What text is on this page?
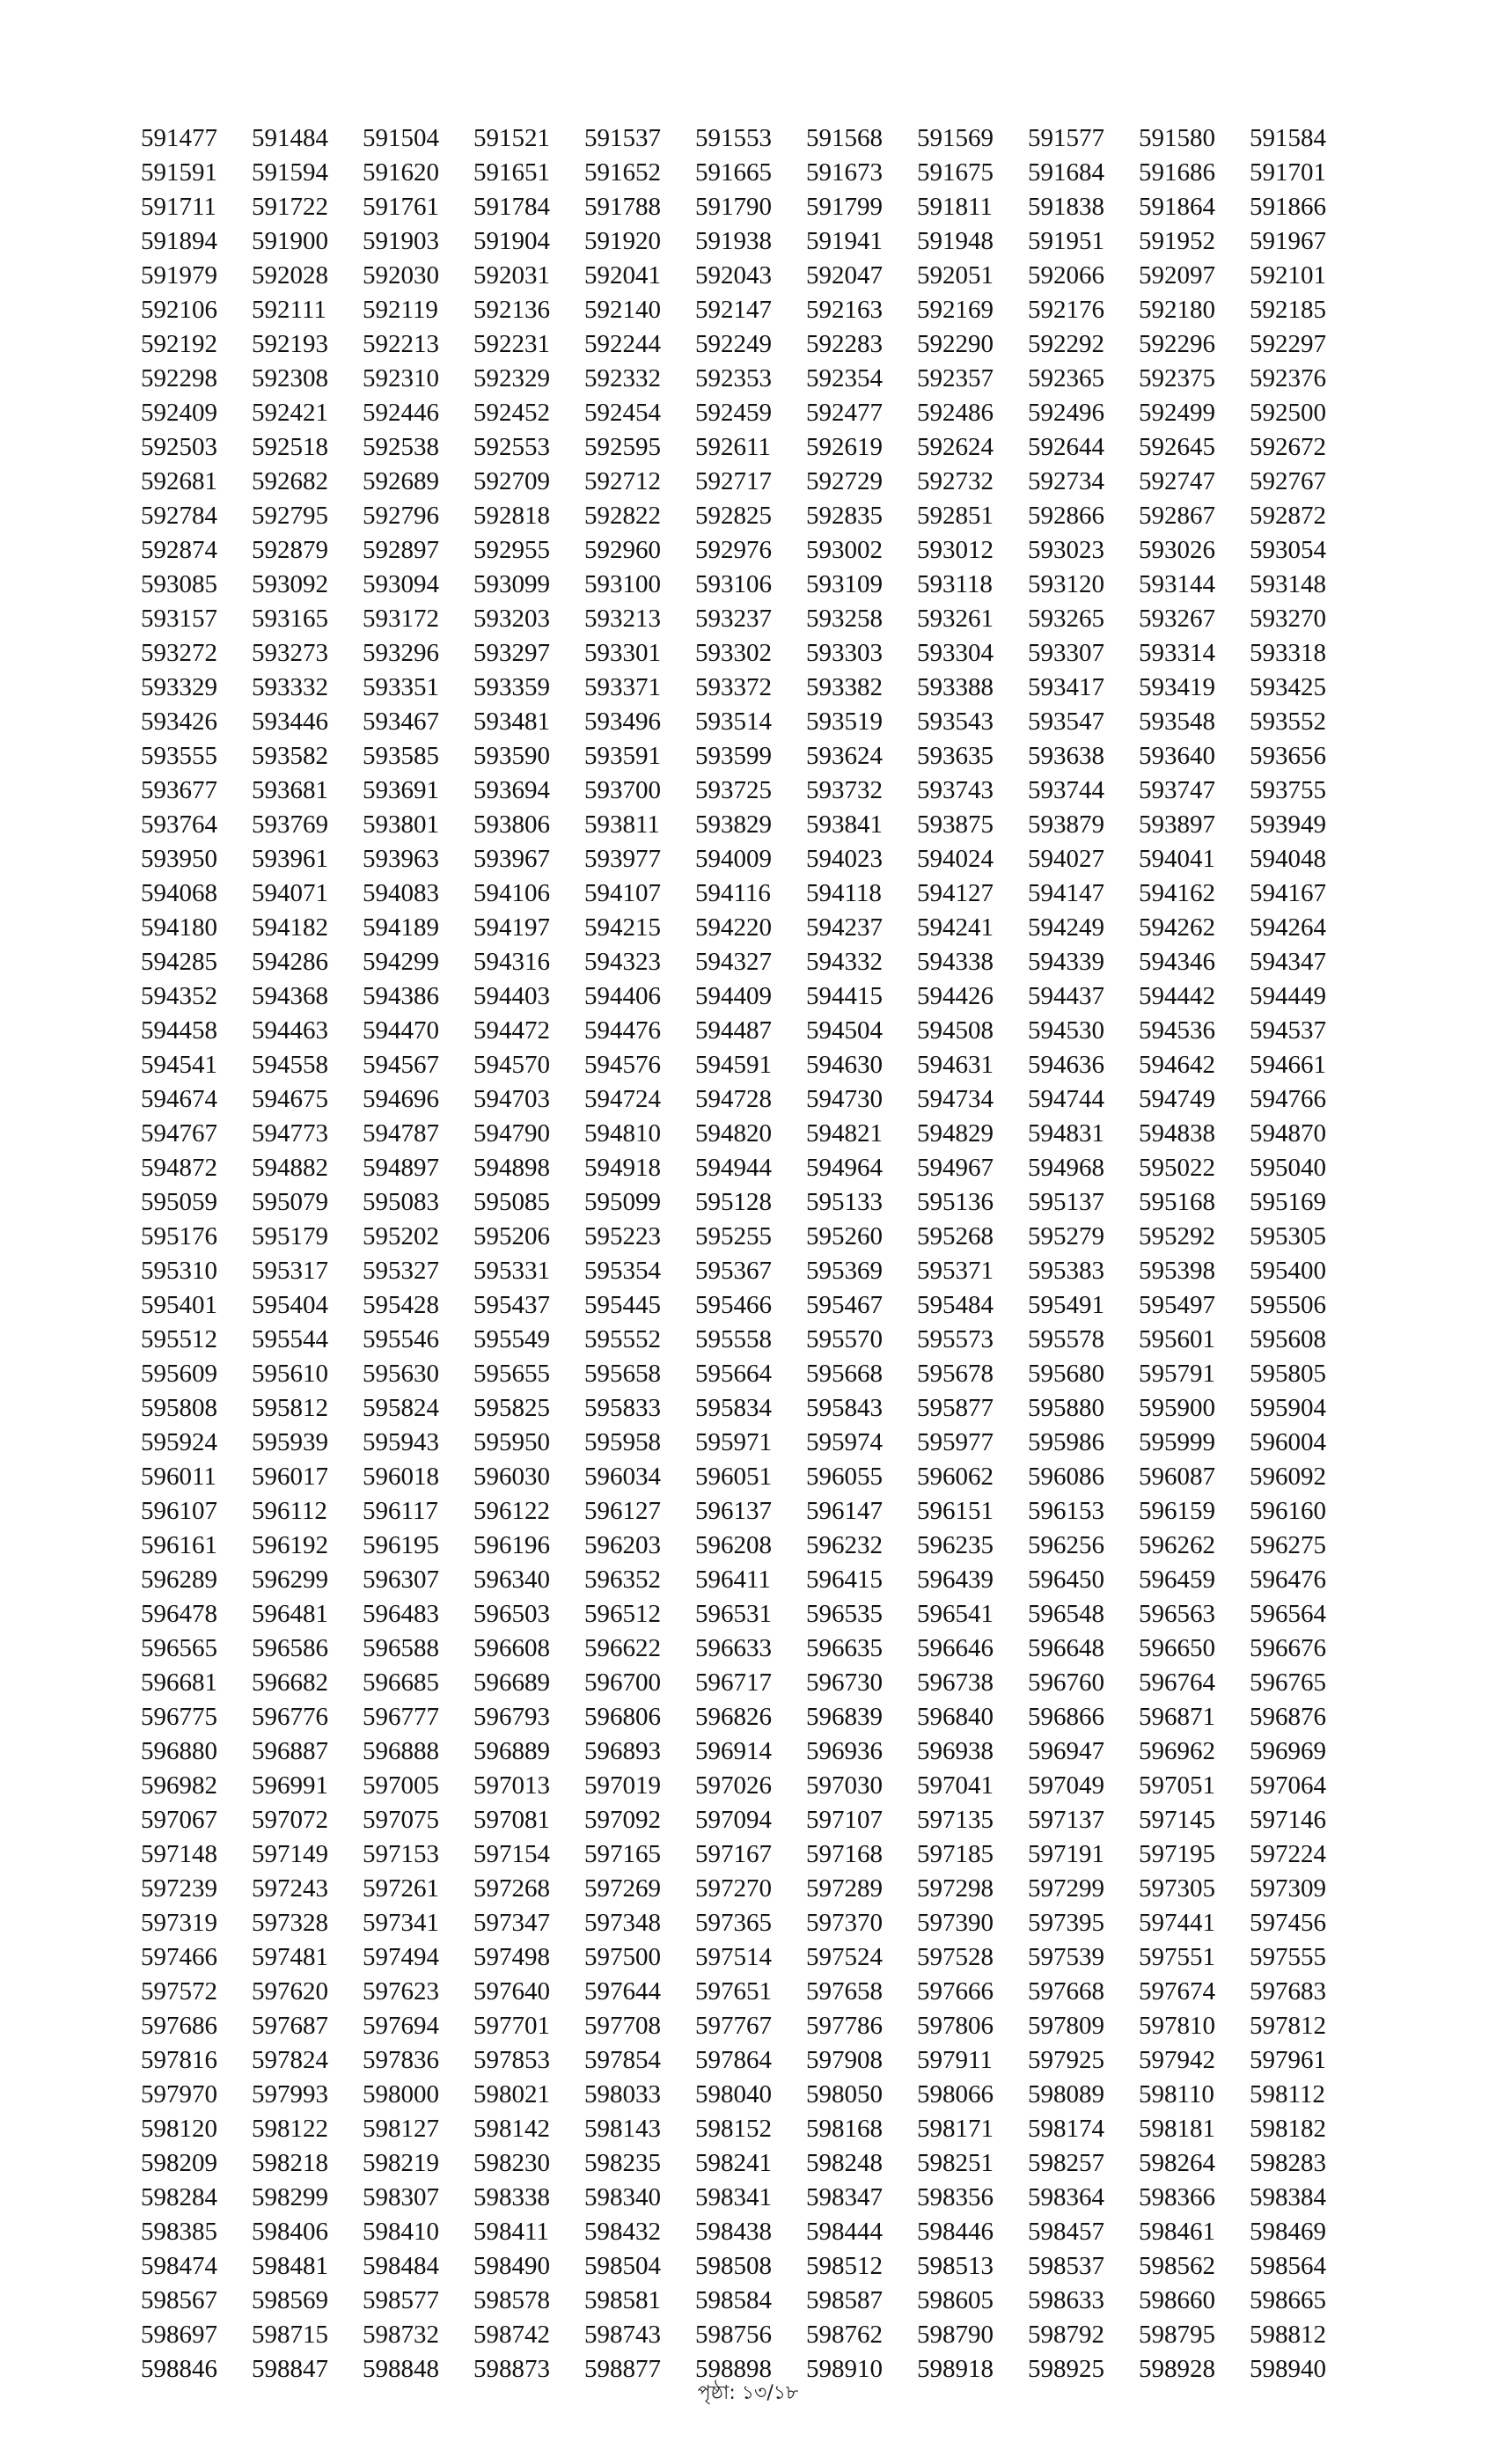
591477	591484	591504	591521	591537	591553	591568	591569	591577	591580	591584
591591	591594	591620	591651	591652	591665	591673	591675	591684	591686	591701
591711	591722	591761	591784	591788	591790	591799	591811	591838	591864	591866
591894	591900	591903	591904	591920	591938	591941	591948	591951	591952	591967
591979	592028	592030	592031	592041	592043	592047	592051	592066	592097	592101
592106	592111	592119	592136	592140	592147	592163	592169	592176	592180	592185
592192	592193	592213	592231	592244	592249	592283	592290	592292	592296	592297
592298	592308	592310	592329	592332	592353	592354	592357	592365	592375	592376
592409	592421	592446	592452	592454	592459	592477	592486	592496	592499	592500
592503	592518	592538	592553	592595	592611	592619	592624	592644	592645	592672
592681	592682	592689	592709	592712	592717	592729	592732	592734	592747	592767
592784	592795	592796	592818	592822	592825	592835	592851	592866	592867	592872
592874	592879	592897	592955	592960	592976	593002	593012	593023	593026	593054
593085	593092	593094	593099	593100	593106	593109	593118	593120	593144	593148
593157	593165	593172	593203	593213	593237	593258	593261	593265	593267	593270
593272	593273	593296	593297	593301	593302	593303	593304	593307	593314	593318
593329	593332	593351	593359	593371	593372	593382	593388	593417	593419	593425
593426	593446	593467	593481	593496	593514	593519	593543	593547	593548	593552
593555	593582	593585	593590	593591	593599	593624	593635	593638	593640	593656
593677	593681	593691	593694	593700	593725	593732	593743	593744	593747	593755
593764	593769	593801	593806	593811	593829	593841	593875	593879	593897	593949
593950	593961	593963	593967	593977	594009	594023	594024	594027	594041	594048
594068	594071	594083	594106	594107	594116	594118	594127	594147	594162	594167
594180	594182	594189	594197	594215	594220	594237	594241	594249	594262	594264
594285	594286	594299	594316	594323	594327	594332	594338	594339	594346	594347
594352	594368	594386	594403	594406	594409	594415	594426	594437	594442	594449
594458	594463	594470	594472	594476	594487	594504	594508	594530	594536	594537
594541	594558	594567	594570	594576	594591	594630	594631	594636	594642	594661
594674	594675	594696	594703	594724	594728	594730	594734	594744	594749	594766
594767	594773	594787	594790	594810	594820	594821	594829	594831	594838	594870
594872	594882	594897	594898	594918	594944	594964	594967	594968	595022	595040
595059	595079	595083	595085	595099	595128	595133	595136	595137	595168	595169
595176	595179	595202	595206	595223	595255	595260	595268	595279	595292	595305
595310	595317	595327	595331	595354	595367	595369	595371	595383	595398	595400
595401	595404	595428	595437	595445	595466	595467	595484	595491	595497	595506
595512	595544	595546	595549	595552	595558	595570	595573	595578	595601	595608
595609	595610	595630	595655	595658	595664	595668	595678	595680	595791	595805
595808	595812	595824	595825	595833	595834	595843	595877	595880	595900	595904
595924	595939	595943	595950	595958	595971	595974	595977	595986	595999	596004
596011	596017	596018	596030	596034	596051	596055	596062	596086	596087	596092
596107	596112	596117	596122	596127	596137	596147	596151	596153	596159	596160
596161	596192	596195	596196	596203	596208	596232	596235	596256	596262	596275
596289	596299	596307	596340	596352	596411	596415	596439	596450	596459	596476
596478	596481	596483	596503	596512	596531	596535	596541	596548	596563	596564
596565	596586	596588	596608	596622	596633	596635	596646	596648	596650	596676
596681	596682	596685	596689	596700	596717	596730	596738	596760	596764	596765
596775	596776	596777	596793	596806	596826	596839	596840	596866	596871	596876
596880	596887	596888	596889	596893	596914	596936	596938	596947	596962	596969
596982	596991	597005	597013	597019	597026	597030	597041	597049	597051	597064
597067	597072	597075	597081	597092	597094	597107	597135	597137	597145	597146
597148	597149	597153	597154	597165	597167	597168	597185	597191	597195	597224
597239	597243	597261	597268	597269	597270	597289	597298	597299	597305	597309
597319	597328	597341	597347	597348	597365	597370	597390	597395	597441	597456
597466	597481	597494	597498	597500	597514	597524	597528	597539	597551	597555
597572	597620	597623	597640	597644	597651	597658	597666	597668	597674	597683
597686	597687	597694	597701	597708	597767	597786	597806	597809	597810	597812
597816	597824	597836	597853	597854	597864	597908	597911	597925	597942	597961
597970	597993	598000	598021	598033	598040	598050	598066	598089	598110	598112
598120	598122	598127	598142	598143	598152	598168	598171	598174	598181	598182
598209	598218	598219	598230	598235	598241	598248	598251	598257	598264	598283
598284	598299	598307	598338	598340	598341	598347	598356	598364	598366	598384
598385	598406	598410	598411	598432	598438	598444	598446	598457	598461	598469
598474	598481	598484	598490	598504	598508	598512	598513	598537	598562	598564
598567	598569	598577	598578	598581	598584	598587	598605	598633	598660	598665
598697	598715	598732	598742	598743	598756	598762	598790	598792	598795	598812
598846	598847	598848	598873	598877	598898	598910	598918	598925	598928	598940
পৃষ্ঠা: ১৩/১৮
